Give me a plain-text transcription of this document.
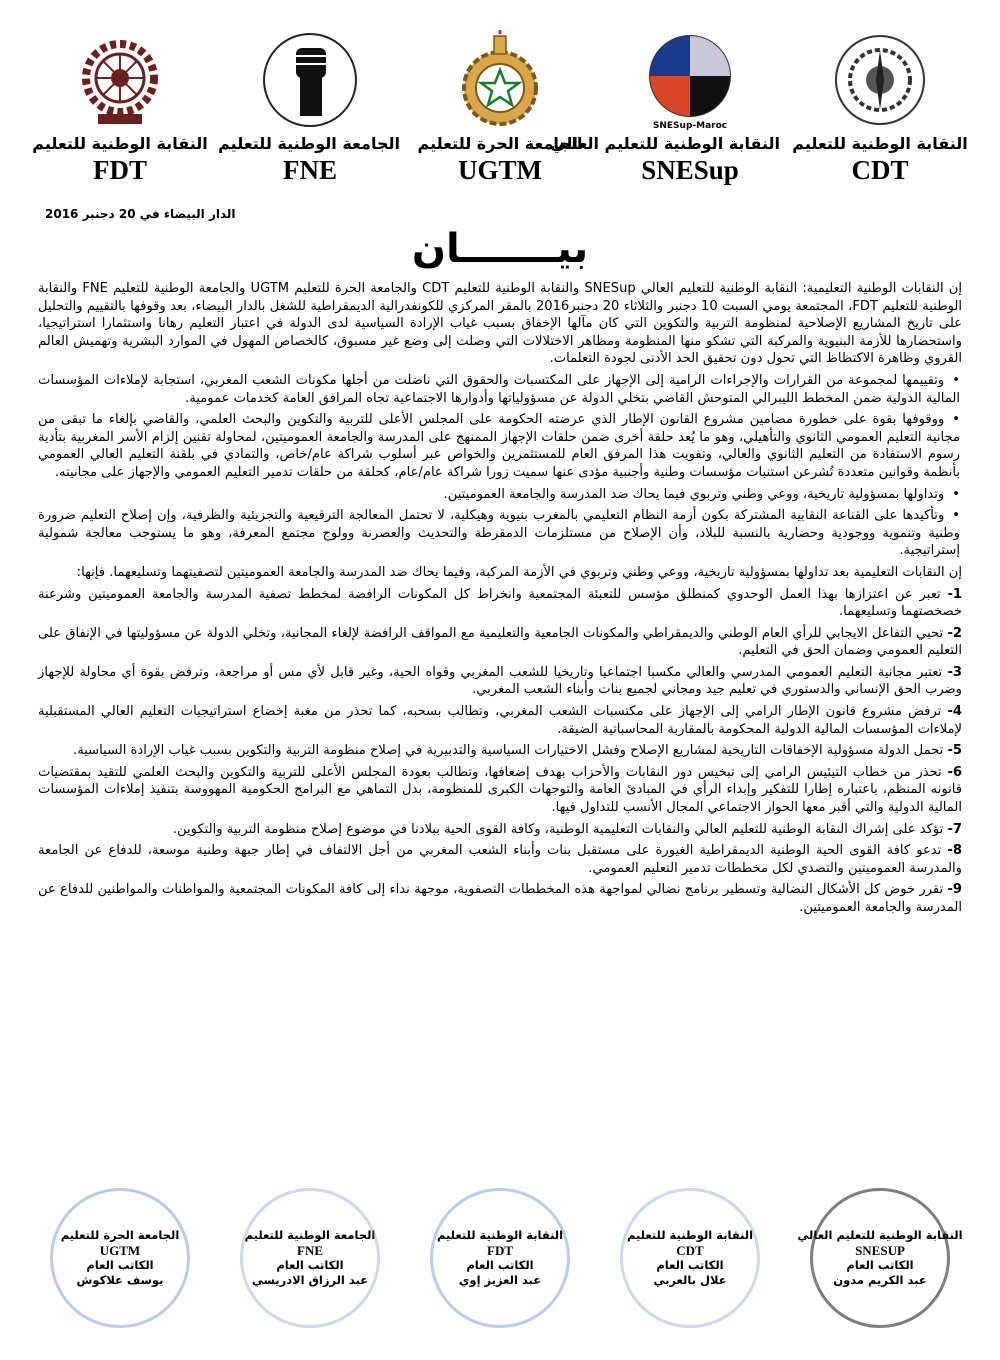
النقابة الوطنية للتعليم
FDT
الجامعة الوطنية للتعليم
FNE
الجامعة الحرة للتعليم
UGTM
SNESup-Maroc
النقابة الوطنية للتعليم العالي
SNESup
النقابة الوطنية للتعليم
CDT
الدار البيضاء في 20 دجنبر 2016
بيـــــــان

إن النقابات الوطنية التعليمية: النقابة الوطنية للتعليم العالي SNESup والنقابة الوطنية للتعليم CDT والجامعة الحرة للتعليم UGTM والجامعة الوطنية للتعليم FNE والنقابة الوطنية للتعليم FDT، المجتمعة يومي السبت 10 دجنبر والثلاثاء 20 دجنبر2016 بالمقر المركزي للكونفدرالية الديمقراطية للشغل بالدار البيضاء، بعد وقوفها بالتقييم والتحليل على تاريخ المشاريع الإصلاحية لمنظومة التربية والتكوين التي كان مآلها الإخفاق بسبب غياب الإرادة السياسية لدى الدولة في اعتبار التعليم رهانا واستثمارا استراتيجيا، واستحضارها للأزمة البنيوية والمركبة التي تشكو منها المنظومة ومظاهر الاختلالات التي وصلت إلى وضع غير مسبوق، كالخصاص المهول في الموارد البشرية وتهميش العالم القروي وظاهرة الاكتظاظ التي تحول دون تحقيق الحد الأدنى لجودة التعلمات.

• وتقييمها لمجموعة من القرارات والإجراءات الرامية إلى الإجهاز على المكتسبات والحقوق التي ناضلت من أجلها مكونات الشعب المغربي، استجابة لإملاءات المؤسسات المالية الدولية ضمن المخطط الليبرالي المتوحش القاضي بتخلي الدولة عن مسؤولياتها وأدوارها الاجتماعية تجاه المرافق العامة كخدمات عمومية.

• ووقوفها بقوة على خطورة مضامين مشروع القانون الإطار الذي عرضته الحكومة على المجلس الأعلى للتربية والتكوين والبحث العلمي، والقاضي بإلغاء ما تبقى من مجانية التعليم العمومي الثانوي والتأهيلي، وهو ما يُعد حلقة أخرى ضمن حلقات الإجهاز الممنهج على المدرسة والجامعة العموميتين، لمحاولة تقنين إلزام الأسر المغربية بتأدية رسوم الاستفادة من التعليم الثانوي والعالي، وتفويت هذا المرفق العام للمستثمرين والخواص عبر أسلوب شراكة عام/خاص، والتمادي في بلقنة التعليم العالي العمومي بأنظمة وقوانين متعددة تُشرعن استنبات مؤسسات وطنية وأجنبية مؤدى عنها سميت زورا شراكة عام/عام، كحلقة من حلقات تدمير التعليم العمومي والإجهاز على مجانيته.

• وتداولها بمسؤولية تاريخية، ووعي وطني وتربوي فيما يحاك ضد المدرسة والجامعة العموميتين.

• وتأكيدها على القناعة النقابية المشتركة بكون أزمة النظام التعليمي بالمغرب بنيوية وهيكلية، لا تحتمل المعالجة الترقيعية والتجزيئية والظرفية، وإن إصلاح التعليم ضرورة وطنية وتنموية ووجودية وحضارية بالنسبة للبلاد، وأن الإصلاح من مستلزمات الدمقرطة والتحديث والعصرنة وولوج مجتمع المعرفة، وهو ما يستوجب معالجة شمولية إستراتيجية.

إن النقابات التعليمية بعد تداولها بمسؤولية تاريخية، ووعي وطني وتربوي في الأزمة المركبة، وفيما يحاك ضد المدرسة والجامعة العموميتين لتصفيتهما وتسليعهما. فإنها:

1- تعبر عن اعتزازها بهذا العمل الوحدوي كمنطلق مؤسس للتعبئة المجتمعية وانخراط كل المكونات الرافضة لمخطط تصفية المدرسة والجامعة العموميتين وشرعنة خصخصتهما وتسليعهما.

2- تحيي التفاعل الايجابي للرأي العام الوطني والديمقراطي والمكونات الجامعية والتعليمية مع المواقف الرافضة لإلغاء المجانية، وتخلي الدولة عن مسؤوليتها في الإنفاق على التعليم العمومي وضمان الحق في التعليم.

3- تعتبر مجانية التعليم العمومي المدرسي والعالي مكسبا اجتماعيا وتاريخيا للشعب المغربي وقواه الحية، وغير قابل لأي مس أو مراجعة، وترفض بقوة أي محاولة للإجهاز وضرب الحق الإنساني والدستوري في تعليم جيد ومجاني لجميع بنات وأبناء الشعب المغربي.

4- ترفض مشروع قانون الإطار الرامي إلى الإجهاز على مكتسبات الشعب المغربي، وتطالب بسحبه، كما تحذر من مغبة إخضاع استراتيجيات التعليم العالي المستقبلية لإملاءات المؤسسات المالية الدولية المحكومة بالمقاربة المحاسباتية الضيقة.

5- تحمل الدولة مسؤولية الإخفاقات التاريخية لمشاريع الإصلاح وفشل الاختيارات السياسية والتدبيرية في إصلاح منظومة التربية والتكوين بسبب غياب الإرادة السياسية.

6- تحذر من خطاب التيئيس الرامي إلى تبخيس دور النقابات والأحزاب بهدف إضعافها، وتطالب بعودة المجلس الأعلى للتربية والتكوين والبحث العلمي للتقيد بمقتضيات قانونه المنظم، باعتباره إطارا للتفكير وإبداء الرأي في المبادئ العامة والتوجهات الكبرى للمنظومة، بدل التماهي مع البرامج الحكومية المهووسة بتنفيذ إملاءات المؤسسات المالية الدولية والتي أقبر معها الحوار الاجتماعي المجال الأنسب للتداول فيها.

7- تؤكد على إشراك النقابة الوطنية للتعليم العالي والنقابات التعليمية الوطنية، وكافة القوى الحية ببلادنا في موضوع إصلاح منظومة التربية والتكوين.

8- تدعو كافة القوى الحية الوطنية الديمقراطية الغيورة على مستقبل بنات وأبناء الشعب المغربي من أجل الالتفاف في إطار جبهة وطنية موسعة، للدفاع عن الجامعة والمدرسة العموميتين والتصدي لكل مخططات تدمير التعليم العمومي.

9- تقرر خوض كل الأشكال النضالية وتسطير برنامج نضالي لمواجهة هذه المخططات التصفوية، موجهة نداء إلى كافة المكونات المجتمعية والمواطنات والمواطنين للدفاع عن المدرسة والجامعة العموميتين.

الجامعة الحرة للتعليم
UGTM
الكاتب العام
يوسف علاكوش
الجامعة الوطنية للتعليم
FNE
الكاتب العام
عبد الرزاق الادريسي
النقابة الوطنية للتعليم
FDT
الكاتب العام
عبد العزيز إوي
النقابة الوطنية للتعليم
CDT
الكاتب العام
علال بالعربي
النقابة الوطنية للتعليم العالي
SNESUP
الكاتب العام
عبد الكريم مدون
